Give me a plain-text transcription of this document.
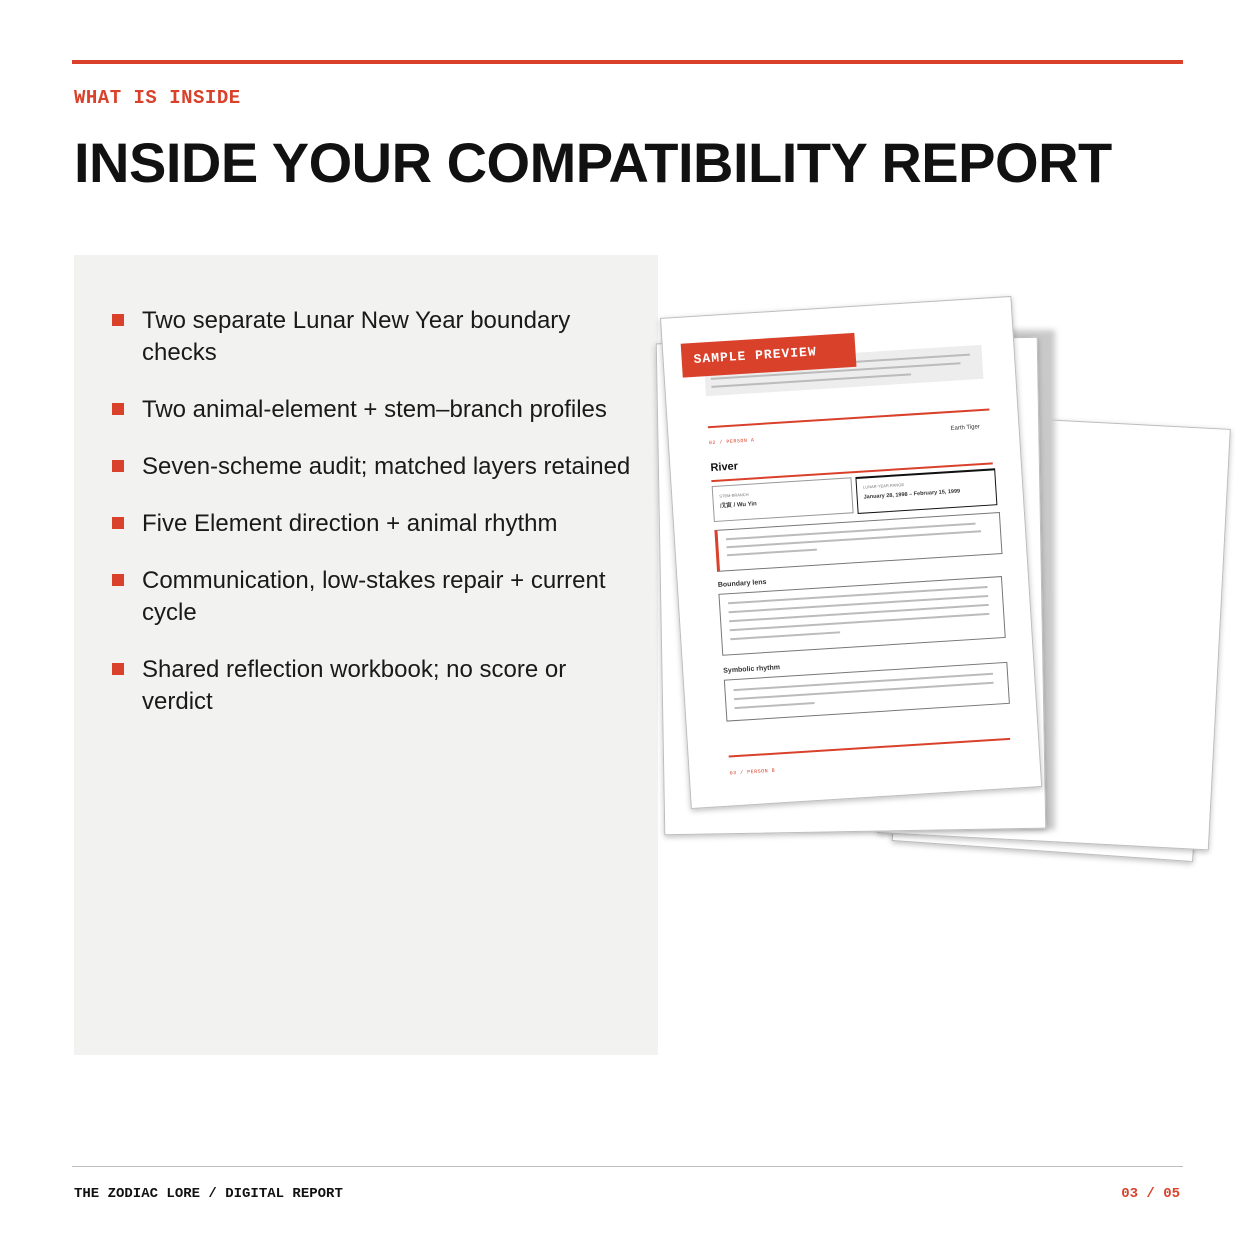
WHAT IS INSIDE
INSIDE YOUR COMPATIBILITY REPORT
Two separate Lunar New Year boundary checks
Two animal-element + stem–branch profiles
Seven-scheme audit; matched layers retained
Five Element direction + animal rhythm
Communication, low-stakes repair + current cycle
Shared reflection workbook; no score or verdict
SAMPLE PREVIEW
02 / PERSON A
Earth Tiger
River
STEM-BRANCH
戊寅 / Wu Yin
LUNAR-YEAR RANGE
January 28, 1998 – February 15, 1999
Boundary lens
Symbolic rhythm
03 / PERSON B
THE ZODIAC LORE / DIGITAL REPORT	03 / 05
